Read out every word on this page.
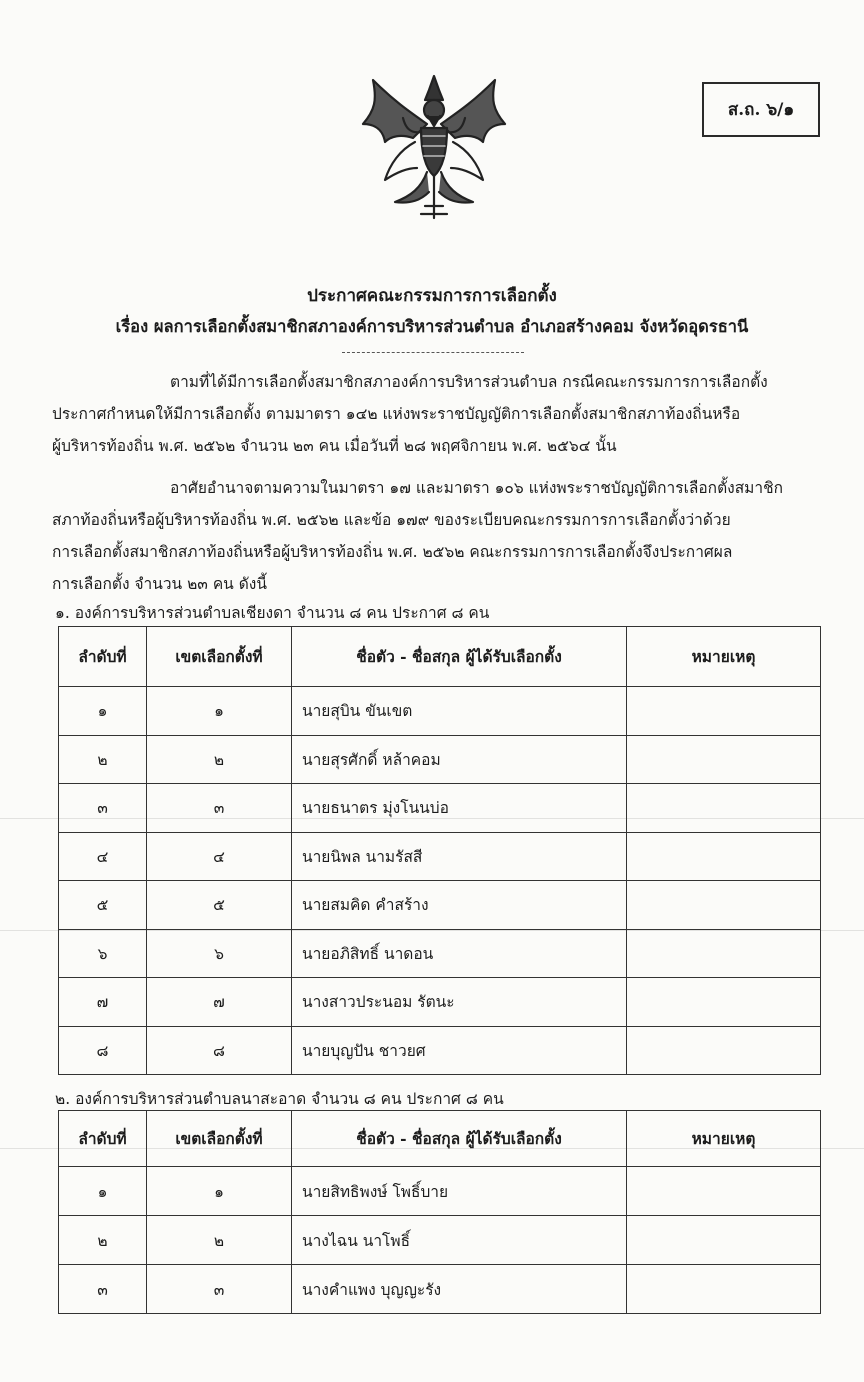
ส.ถ. ๖/๑
ประกาศคณะกรรมการการเลือกตั้ง
เรื่อง ผลการเลือกตั้งสมาชิกสภาองค์การบริหารส่วนตำบล อำเภอสร้างคอม จังหวัดอุดรธานี
ตามที่ได้มีการเลือกตั้งสมาชิกสภาองค์การบริหารส่วนตำบล กรณีคณะกรรมการการเลือกตั้ง
ประกาศกำหนดให้มีการเลือกตั้ง ตามมาตรา ๑๔๒ แห่งพระราชบัญญัติการเลือกตั้งสมาชิกสภาท้องถิ่นหรือ
ผู้บริหารท้องถิ่น พ.ศ. ๒๕๖๒ จำนวน ๒๓ คน เมื่อวันที่ ๒๘ พฤศจิกายน พ.ศ. ๒๕๖๔ นั้น
อาศัยอำนาจตามความในมาตรา ๑๗ และมาตรา ๑๐๖ แห่งพระราชบัญญัติการเลือกตั้งสมาชิก
สภาท้องถิ่นหรือผู้บริหารท้องถิ่น พ.ศ. ๒๕๖๒ และข้อ ๑๗๙ ของระเบียบคณะกรรมการการเลือกตั้งว่าด้วย
การเลือกตั้งสมาชิกสภาท้องถิ่นหรือผู้บริหารท้องถิ่น พ.ศ. ๒๕๖๒ คณะกรรมการการเลือกตั้งจึงประกาศผล
การเลือกตั้ง จำนวน ๒๓ คน ดังนี้
๑. องค์การบริหารส่วนตำบลเชียงดา จำนวน ๘ คน ประกาศ ๘ คน
ลำดับที่	เขตเลือกตั้งที่	ชื่อตัว - ชื่อสกุล ผู้ได้รับเลือกตั้ง	หมายเหตุ
๑	๑	นายสุบิน ขันเขต	
๒	๒	นายสุรศักดิ์ หล้าคอม	
๓	๓	นายธนาตร มุ่งโนนบ่อ	
๔	๔	นายนิพล นามรัสสี	
๕	๕	นายสมคิด คำสร้าง	
๖	๖	นายอภิสิทธิ์ นาดอน	
๗	๗	นางสาวประนอม รัตนะ	
๘	๘	นายบุญปัน ชาวยศ	
๒. องค์การบริหารส่วนตำบลนาสะอาด จำนวน ๘ คน ประกาศ ๘ คน
ลำดับที่	เขตเลือกตั้งที่	ชื่อตัว - ชื่อสกุล ผู้ได้รับเลือกตั้ง	หมายเหตุ
๑	๑	นายสิทธิพงษ์ โพธิ์บาย	
๒	๒	นางไฉน นาโพธิ์	
๓	๓	นางคำแพง บุญญะรัง	
